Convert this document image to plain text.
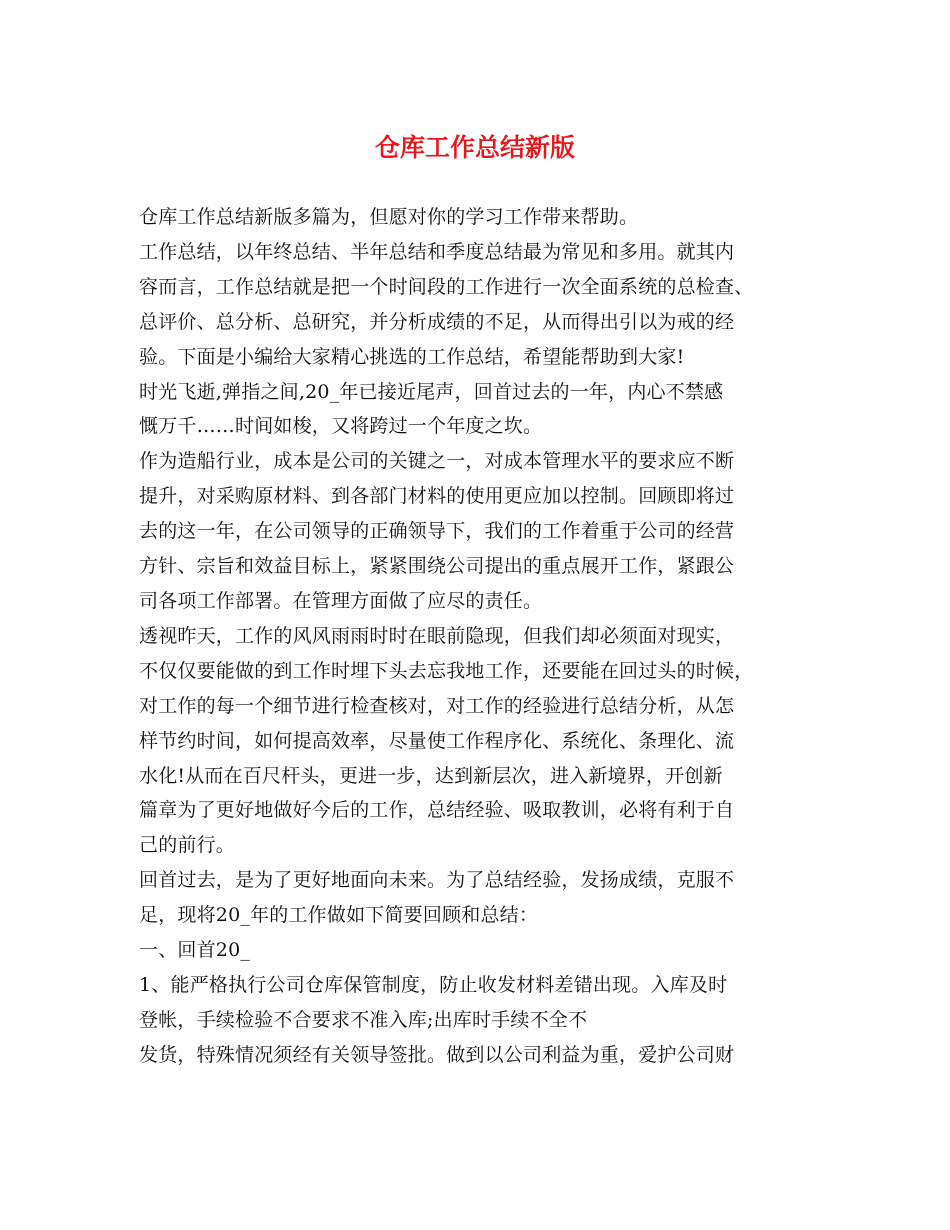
仓库工作总结新版

仓库工作总结新版多篇为，但愿对你的学习工作带来帮助。

工作总结，以年终总结、半年总结和季度总结最为常见和多用。就其内

容而言，工作总结就是把一个时间段的工作进行一次全面系统的总检查、

总评价、总分析、总研究，并分析成绩的不足，从而得出引以为戒的经

验。下面是小编给大家精心挑选的工作总结，希望能帮助到大家!

时光飞逝,弹指之间,20_年已接近尾声，回首过去的一年，内心不禁感

慨万千……时间如梭，又将跨过一个年度之坎。

作为造船行业，成本是公司的关键之一，对成本管理水平的要求应不断

提升，对采购原材料、到各部门材料的使用更应加以控制。回顾即将过

去的这一年，在公司领导的正确领导下，我们的工作着重于公司的经营

方针、宗旨和效益目标上，紧紧围绕公司提出的重点展开工作，紧跟公

司各项工作部署。在管理方面做了应尽的责任。

透视昨天，工作的风风雨雨时时在眼前隐现，但我们却必须面对现实，

不仅仅要能做的到工作时埋下头去忘我地工作，还要能在回过头的时候，

对工作的每一个细节进行检查核对，对工作的经验进行总结分析，从怎

样节约时间，如何提高效率，尽量使工作程序化、系统化、条理化、流

水化!从而在百尺杆头，更进一步，达到新层次，进入新境界，开创新

篇章为了更好地做好今后的工作，总结经验、吸取教训，必将有利于自

己的前行。

回首过去，是为了更好地面向未来。为了总结经验，发扬成绩，克服不

足，现将20_年的工作做如下简要回顾和总结：

一、回首20_

1、能严格执行公司仓库保管制度，防止收发材料差错出现。入库及时

登帐，手续检验不合要求不准入库;出库时手续不全不

发货，特殊情况须经有关领导签批。做到以公司利益为重，爱护公司财
